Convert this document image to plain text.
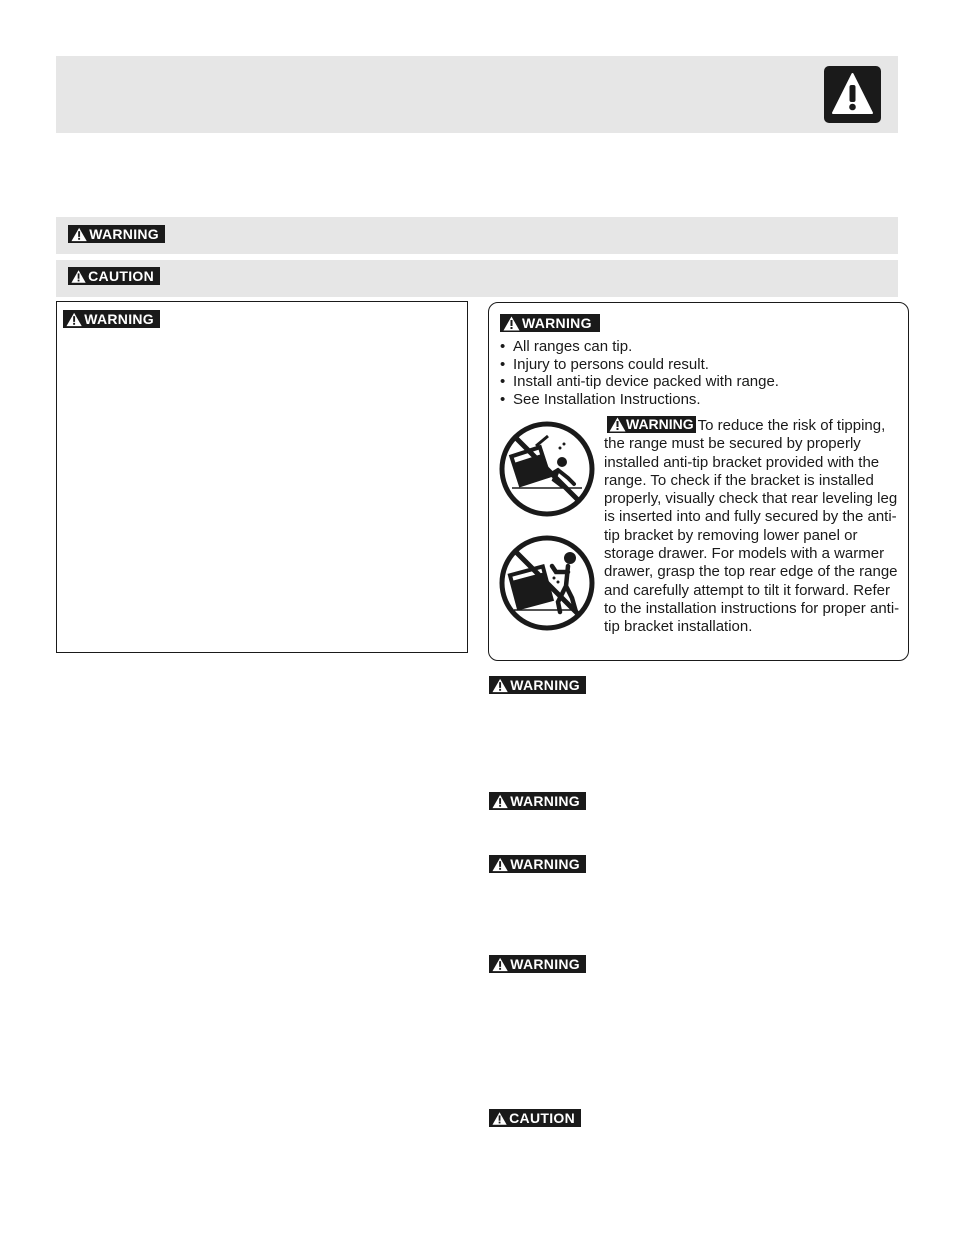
WARNING
CAUTION
WARNING	WARNING
• All ranges can tip.
• Injury to persons could result.
• Install anti-tip device packed with range.
• See Installation Instructions.
WARNING To reduce the risk of tipping, the range must be secured by properly installed anti-tip bracket provided with the range. To check if the bracket is installed properly, visually check that rear leveling leg is inserted into and fully secured by the anti-tip bracket by removing lower panel or storage drawer. For models with a warmer drawer, grasp the top rear edge of the range and carefully attempt to tilt it forward. Refer to the installation instructions for proper anti-tip bracket installation.
WARNING
WARNING
WARNING
WARNING
CAUTION
